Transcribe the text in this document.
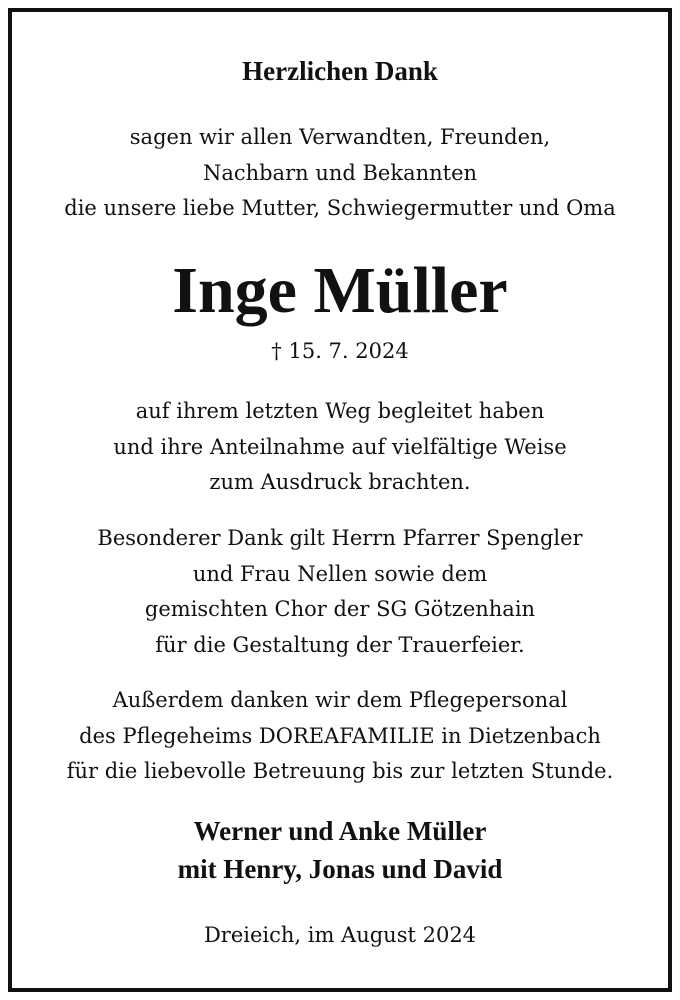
Herzlichen Dank
sagen wir allen Verwandten, Freunden,
Nachbarn und Bekannten
die unsere liebe Mutter, Schwiegermutter und Oma
Inge Müller
† 15. 7. 2024
auf ihrem letzten Weg begleitet haben
und ihre Anteilnahme auf vielfältige Weise
zum Ausdruck brachten.
Besonderer Dank gilt Herrn Pfarrer Spengler
und Frau Nellen sowie dem
gemischten Chor der SG Götzenhain
für die Gestaltung der Trauerfeier.
Außerdem danken wir dem Pflegepersonal
des Pflegeheims DOREAFAMILIE in Dietzenbach
für die liebevolle Betreuung bis zur letzten Stunde.
Werner und Anke Müller
mit Henry, Jonas und David
Dreieich, im August 2024
